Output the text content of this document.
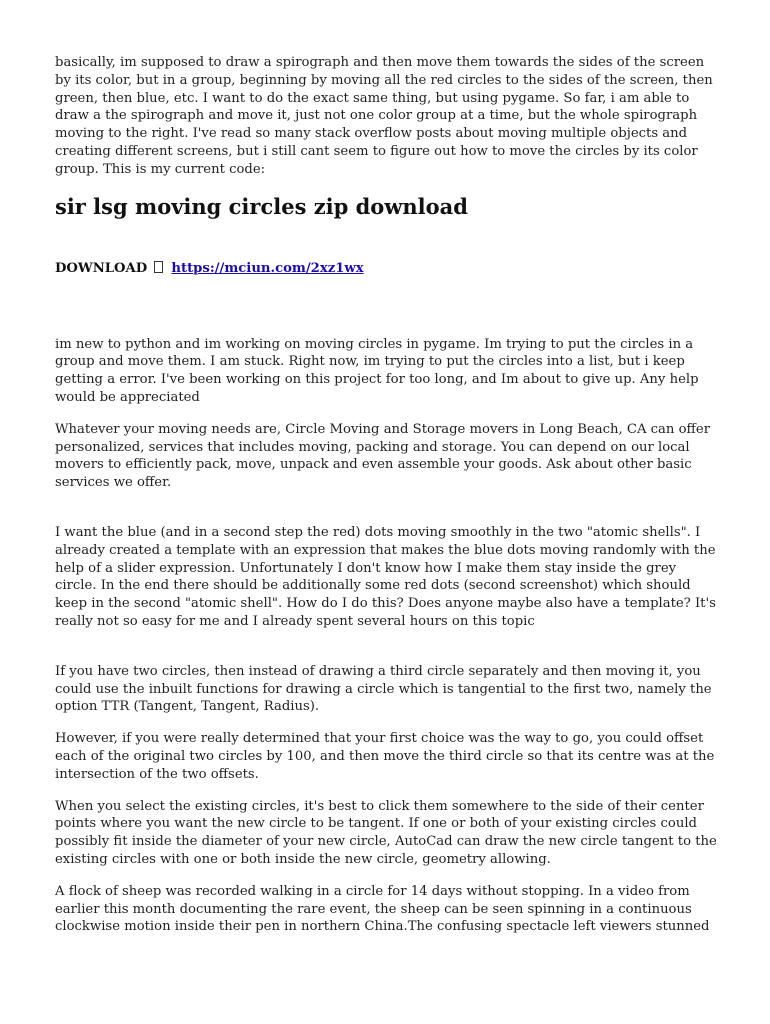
basically, im supposed to draw a spirograph and then move them towards the sides of the screen by its color, but in a group, beginning by moving all the red circles to the sides of the screen, then green, then blue, etc. I want to do the exact same thing, but using pygame. So far, i am able to draw a the spirograph and move it, just not one color group at a time, but the whole spirograph moving to the right. I've read so many stack overflow posts about moving multiple objects and creating different screens, but i still cant seem to figure out how to move the circles by its color group. This is my current code:

sir lsg moving circles zip download
DOWNLOAD https://mciun.com/2xz1wx

im new to python and im working on moving circles in pygame. Im trying to put the circles in a group and move them. I am stuck. Right now, im trying to put the circles into a list, but i keep getting a error. I've been working on this project for too long, and Im about to give up. Any help would be appreciated

Whatever your moving needs are, Circle Moving and Storage movers in Long Beach, CA can offer personalized, services that includes moving, packing and storage. You can depend on our local movers to efficiently pack, move, unpack and even assemble your goods. Ask about other basic services we offer.

I want the blue (and in a second step the red) dots moving smoothly in the two "atomic shells". I already created a template with an expression that makes the blue dots moving randomly with the help of a slider expression. Unfortunately I don't know how I make them stay inside the grey circle. In the end there should be additionally some red dots (second screenshot) which should keep in the second "atomic shell". How do I do this? Does anyone maybe also have a template? It's really not so easy for me and I already spent several hours on this topic

If you have two circles, then instead of drawing a third circle separately and then moving it, you could use the inbuilt functions for drawing a circle which is tangential to the first two, namely the option TTR (Tangent, Tangent, Radius).

However, if you were really determined that your first choice was the way to go, you could offset each of the original two circles by 100, and then move the third circle so that its centre was at the intersection of the two offsets.

When you select the existing circles, it's best to click them somewhere to the side of their center points where you want the new circle to be tangent. If one or both of your existing circles could possibly fit inside the diameter of your new circle, AutoCad can draw the new circle tangent to the existing circles with one or both inside the new circle, geometry allowing.

A flock of sheep was recorded walking in a circle for 14 days without stopping. In a video from earlier this month documenting the rare event, the sheep can be seen spinning in a continuous clockwise motion inside their pen in northern China.The confusing spectacle left viewers stunned
